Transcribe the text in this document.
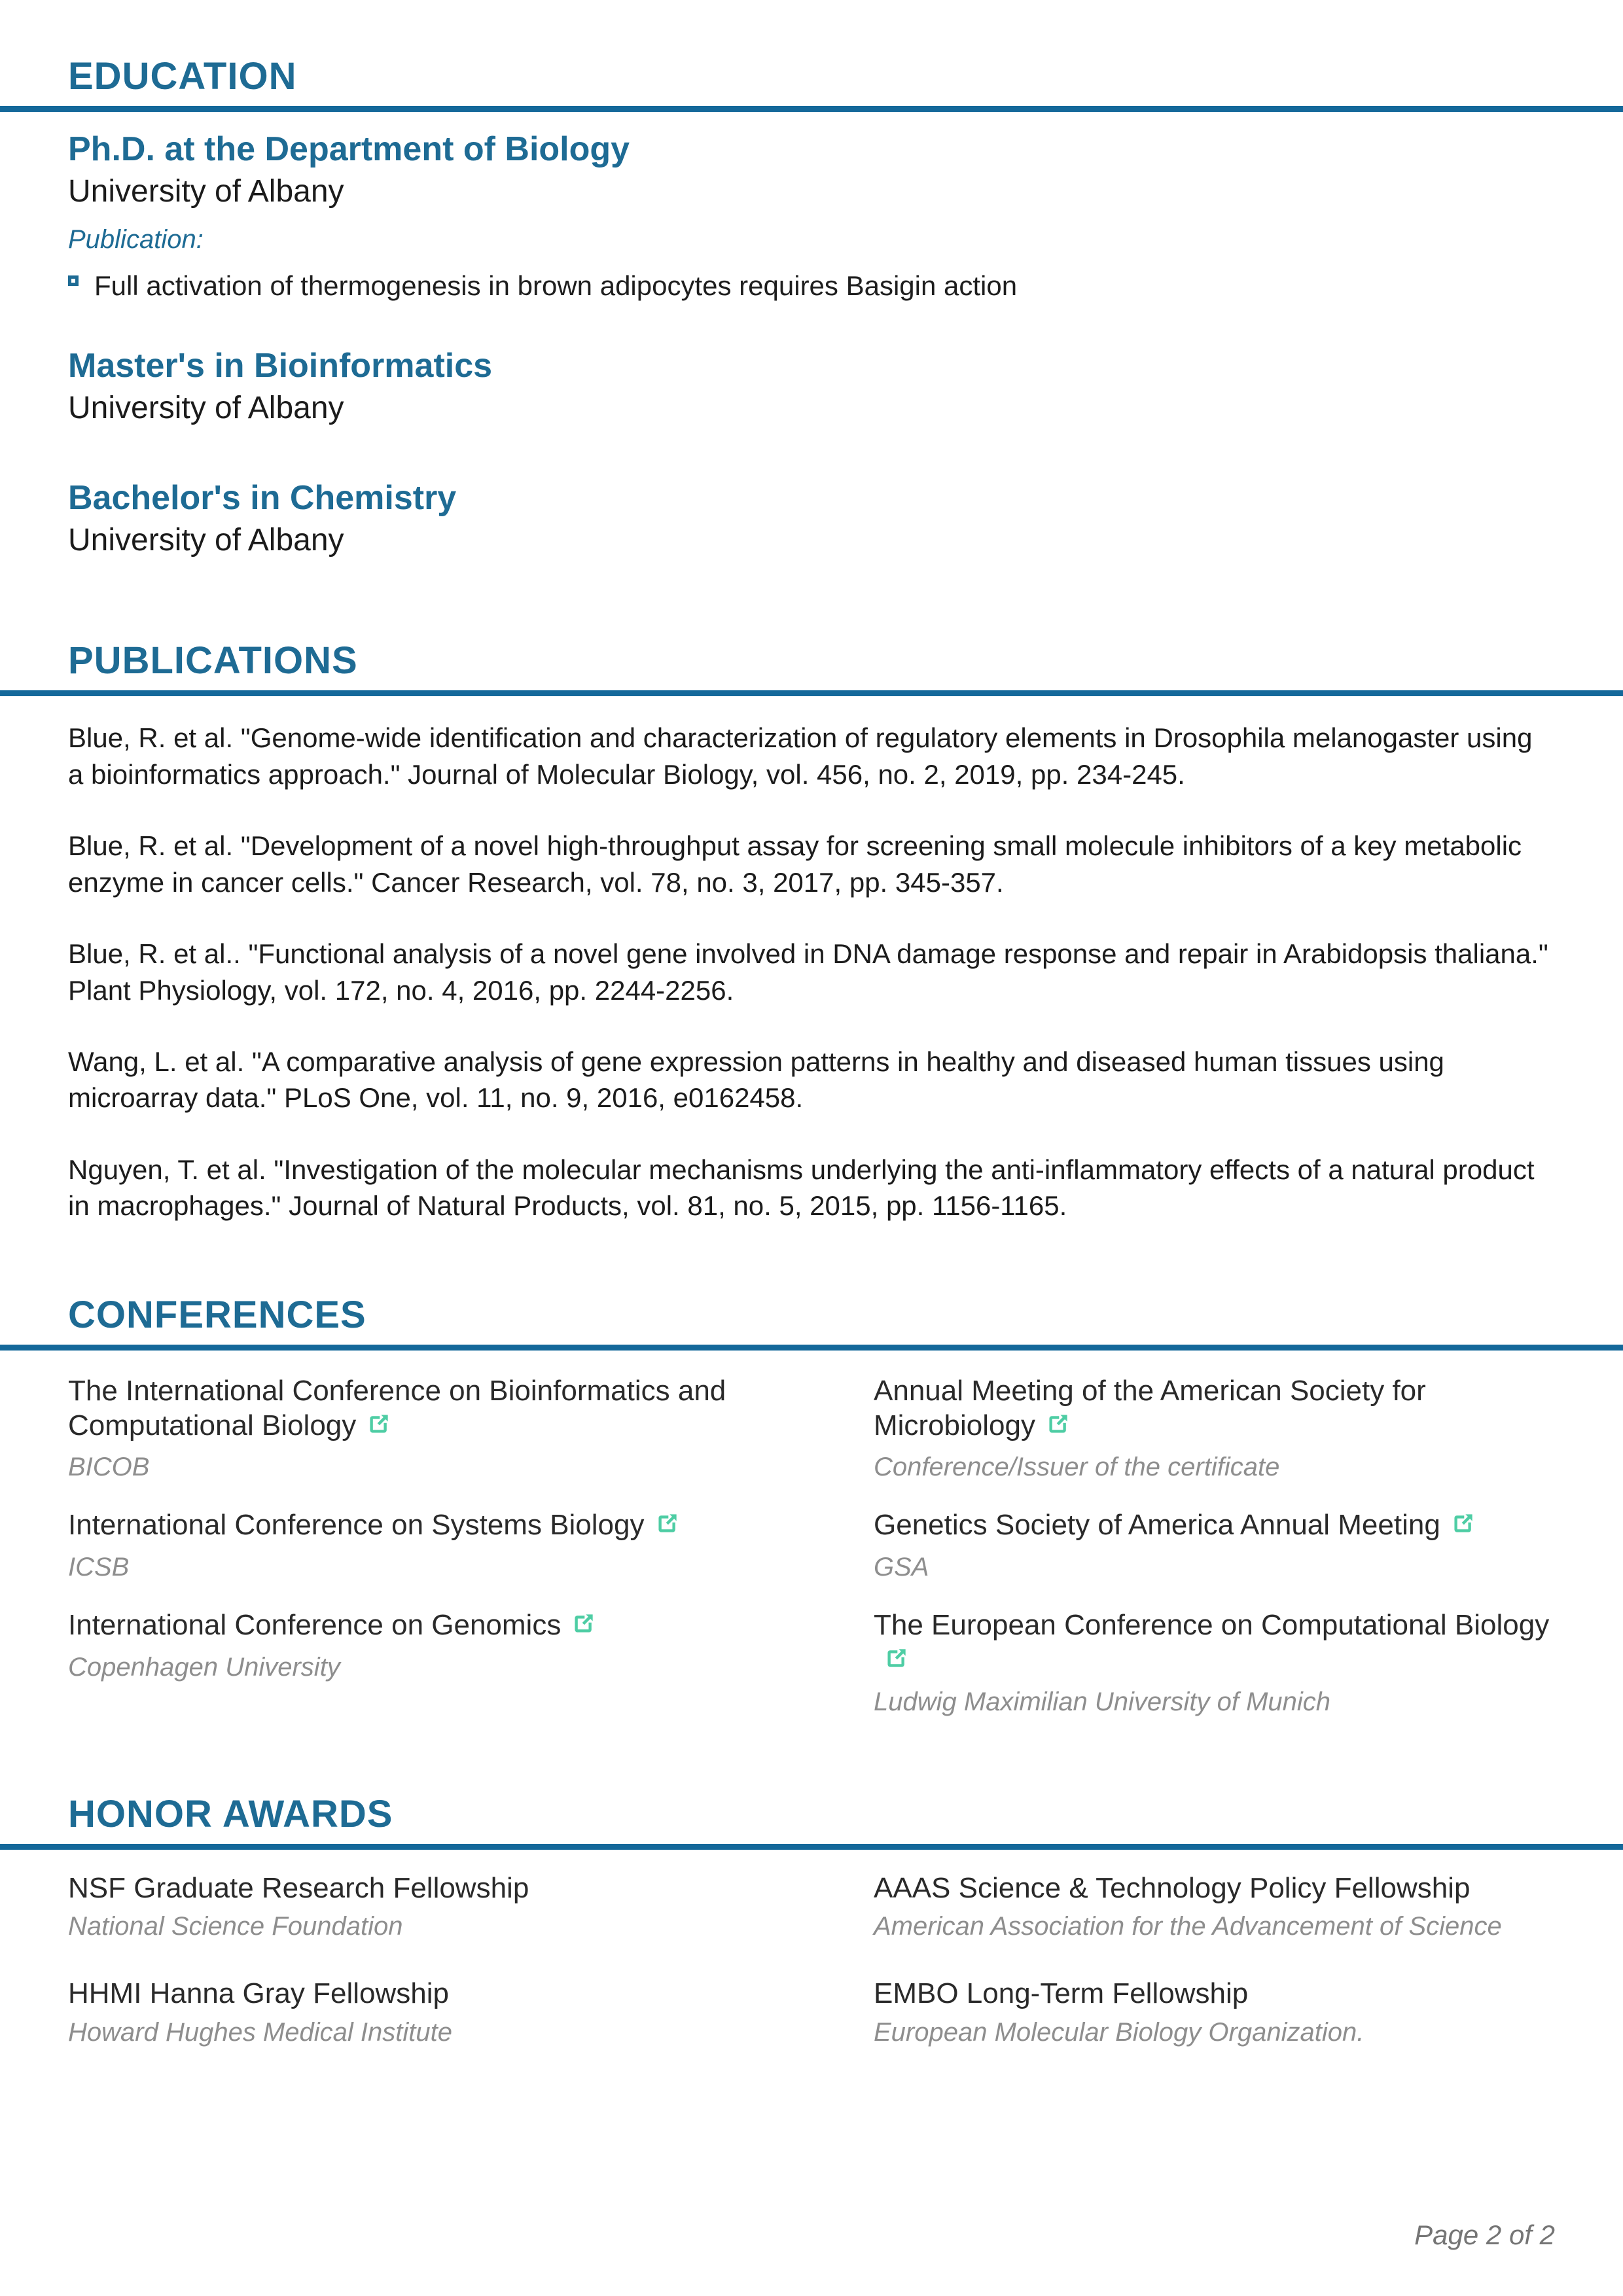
EDUCATION
Ph.D. at the Department of Biology

University of Albany

Publication:

Full activation of thermogenesis in brown adipocytes requires Basigin action
Master's in Bioinformatics

University of Albany

Bachelor's in Chemistry

University of Albany

PUBLICATIONS

Blue, R. et al. "Genome-wide identification and characterization of regulatory elements in Drosophila melanogaster using a bioinformatics approach." Journal of Molecular Biology, vol. 456, no. 2, 2019, pp. 234-245.

Blue, R. et al. "Development of a novel high-throughput assay for screening small molecule inhibitors of a key metabolic enzyme in cancer cells." Cancer Research, vol. 78, no. 3, 2017, pp. 345-357.

Blue, R. et al.. "Functional analysis of a novel gene involved in DNA damage response and repair in Arabidopsis thaliana." Plant Physiology, vol. 172, no. 4, 2016, pp. 2244-2256.

Wang, L. et al. "A comparative analysis of gene expression patterns in healthy and diseased human tissues using microarray data." PLoS One, vol. 11, no. 9, 2016, e0162458.

Nguyen, T. et al. "Investigation of the molecular mechanisms underlying the anti-inflammatory effects of a natural product in macrophages." Journal of Natural Products, vol. 81, no. 5, 2015, pp. 1156-1165.

CONFERENCES
The International Conference on Bioinformatics and Computational Biology

BICOB

Annual Meeting of the American Society for Microbiology

Conference/Issuer of the certificate

International Conference on Systems Biology

ICSB

Genetics Society of America Annual Meeting

GSA

International Conference on Genomics

Copenhagen University

The European Conference on Computational Biology

Ludwig Maximilian University of Munich

HONOR AWARDS

NSF Graduate Research Fellowship

National Science Foundation

AAAS Science & Technology Policy Fellowship

American Association for the Advancement of Science

HHMI Hanna Gray Fellowship

Howard Hughes Medical Institute

EMBO Long-Term Fellowship

European Molecular Biology Organization.

Page 2 of 2
